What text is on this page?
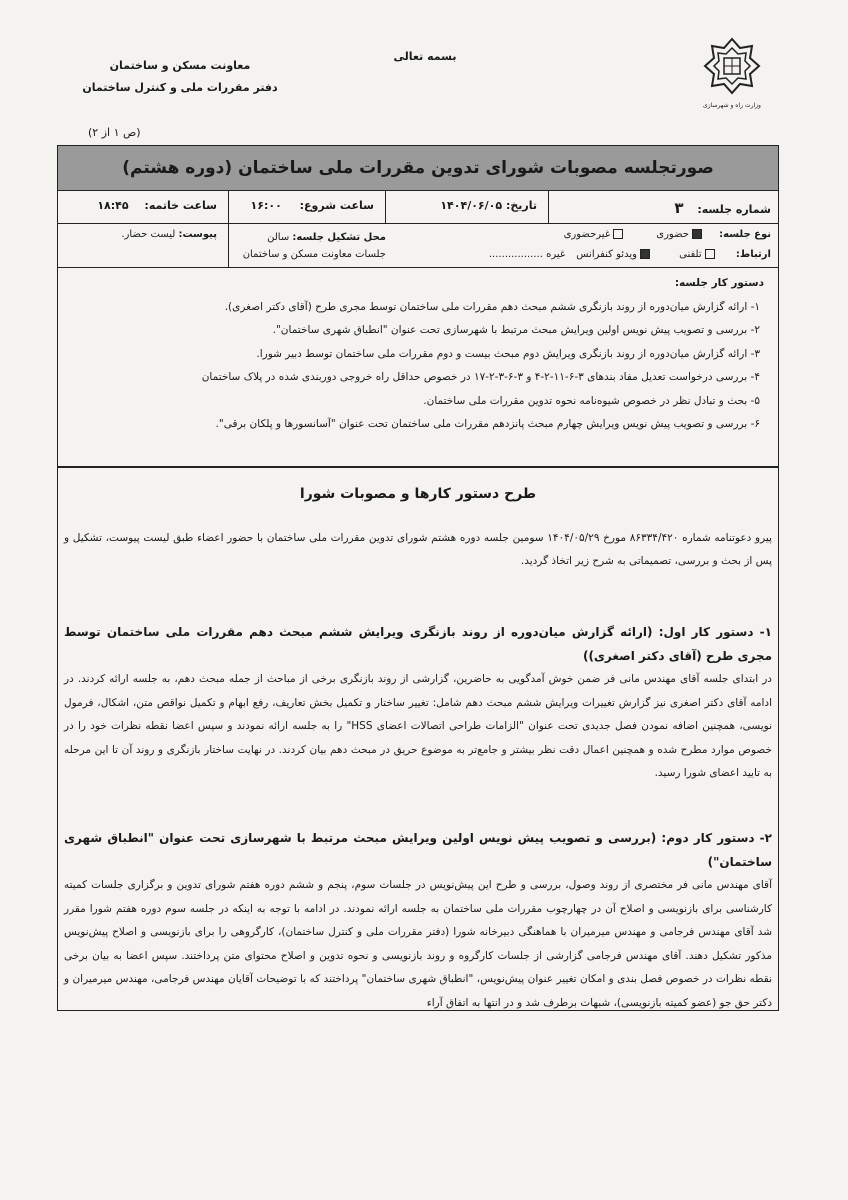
معاونت مسکن و ساختمان
دفتر مقررات ملی و کنترل ساختمان
بسمه تعالی
وزارت راه و شهرسازی
(ص ۱ از ۲)
صورتجلسه مصوبات شورای تدوین مقررات ملی ساختمان (دوره هشتم)
شماره جلسه: ۳
تاریخ: ۱۴۰۴/۰۶/۰۵
ساعت شروع: ۱۶:۰۰
ساعت خاتمه: ۱۸:۴۵
نوع جلسه: حضوری غیرحضوری
ارتباط: تلفنی ویدئو کنفرانس غیره .................
محل تشکیل جلسه: سالن جلسات معاونت مسکن و ساختمان
پیوست: لیست حضار.
دستور کار جلسه:
۱- ارائه گزارش میان‌دوره از روند بازنگری ششم مبحث دهم مقررات ملی ساختمان توسط مجری طرح (آقای دکتر اصغری).
۲- بررسی و تصویب پیش نویس اولین ویرایش مبحث مرتبط با شهرسازی تحت عنوان "انطباق شهری ساختمان".
۳- ارائه گزارش میان‌دوره از روند بازنگری ویرایش دوم مبحث بیست و دوم مقررات ملی ساختمان توسط دبیر شورا.
۴- بررسی درخواست تعدیل مفاد بندهای ۳-۶-۱۱-۲-۴ و ۳-۶-۳-۲-۱۷ در خصوص حداقل راه خروجی دوربندی شده در پلاک ساختمان
۵- بحث و تبادل نظر در خصوص شیوه‌نامه نحوه تدوین مقررات ملی ساختمان.
۶- بررسی و تصویب پیش نویس ویرایش چهارم مبحث پانزدهم مقررات ملی ساختمان تحت عنوان "آسانسورها و پلکان برقی".
طرح دستور کارها و مصوبات شورا
پیرو دعوتنامه شماره ۸۶۳۳۴/۴۲۰ مورخ ۱۴۰۴/۰۵/۲۹ سومین جلسه دوره هشتم شورای تدوین مقررات ملی ساختمان با حضور اعضاء طبق لیست پیوست، تشکیل و پس از بحث و بررسی، تصمیماتی به شرح زیر اتخاذ گردید.
۱- دستور کار اول: (ارائه گزارش میان‌دوره از روند بازنگری ویرایش ششم مبحث دهم مقررات ملی ساختمان توسط مجری طرح (آقای دکتر اصغری))
در ابتدای جلسه آقای مهندس مانی فر ضمن خوش آمدگویی به حاضرین، گزارشی از روند بازنگری برخی از مباحث از جمله مبحث دهم، به جلسه ارائه کردند. در ادامه آقای دکتر اصغری نیز گزارش تغییرات ویرایش ششم مبحث دهم شامل: تغییر ساختار و تکمیل بخش تعاریف، رفع ابهام و تکمیل نواقص متن، اشکال، فرمول نویسی، همچنین اضافه نمودن فصل جدیدی تحت عنوان "الزامات طراحی اتصالات اعضای HSS" را به جلسه ارائه نمودند و سپس اعضا نقطه نظرات خود را در خصوص موارد مطرح شده و همچنین اعمال دقت نظر بیشتر و جامع‌تر به موضوع حریق در مبحث دهم بیان کردند. در نهایت ساختار بازنگری و روند آن تا این مرحله به تایید اعضای شورا رسید.
۲- دستور کار دوم: (بررسی و تصویب پیش نویس اولین ویرایش مبحث مرتبط با شهرسازی تحت عنوان "انطباق شهری ساختمان")
آقای مهندس مانی فر مختصری از روند وصول، بررسی و طرح این پیش‌نویس در جلسات سوم، پنجم و ششم دوره هفتم شورای تدوین و برگزاری جلسات کمیته کارشناسی برای بازنویسی و اصلاح آن در چهارچوب مقررات ملی ساختمان به جلسه ارائه نمودند. در ادامه با توجه به اینکه در جلسه سوم دوره هفتم شورا مقرر شد آقای مهندس فرجامی و مهندس میرمیران با هماهنگی دبیرخانه شورا (دفتر مقررات ملی و کنترل ساختمان)، کارگروهی را برای بازنویسی و اصلاح پیش‌نویس مذکور تشکیل دهند. آقای مهندس فرجامی گزارشی از جلسات کارگروه و روند بازنویسی و نحوه تدوین و اصلاح محتوای متن پرداختند. سپس اعضا به بیان برخی نقطه نظرات در خصوص فصل بندی و امکان تغییر عنوان پیش‌نویس، "انطباق شهری ساختمان" پرداختند که با توضیحات آقایان مهندس فرجامی، مهندس میرمیران و دکتر حق جو (عضو کمیته بازنویسی)، شبهات برطرف شد و در انتها به اتفاق آراء
